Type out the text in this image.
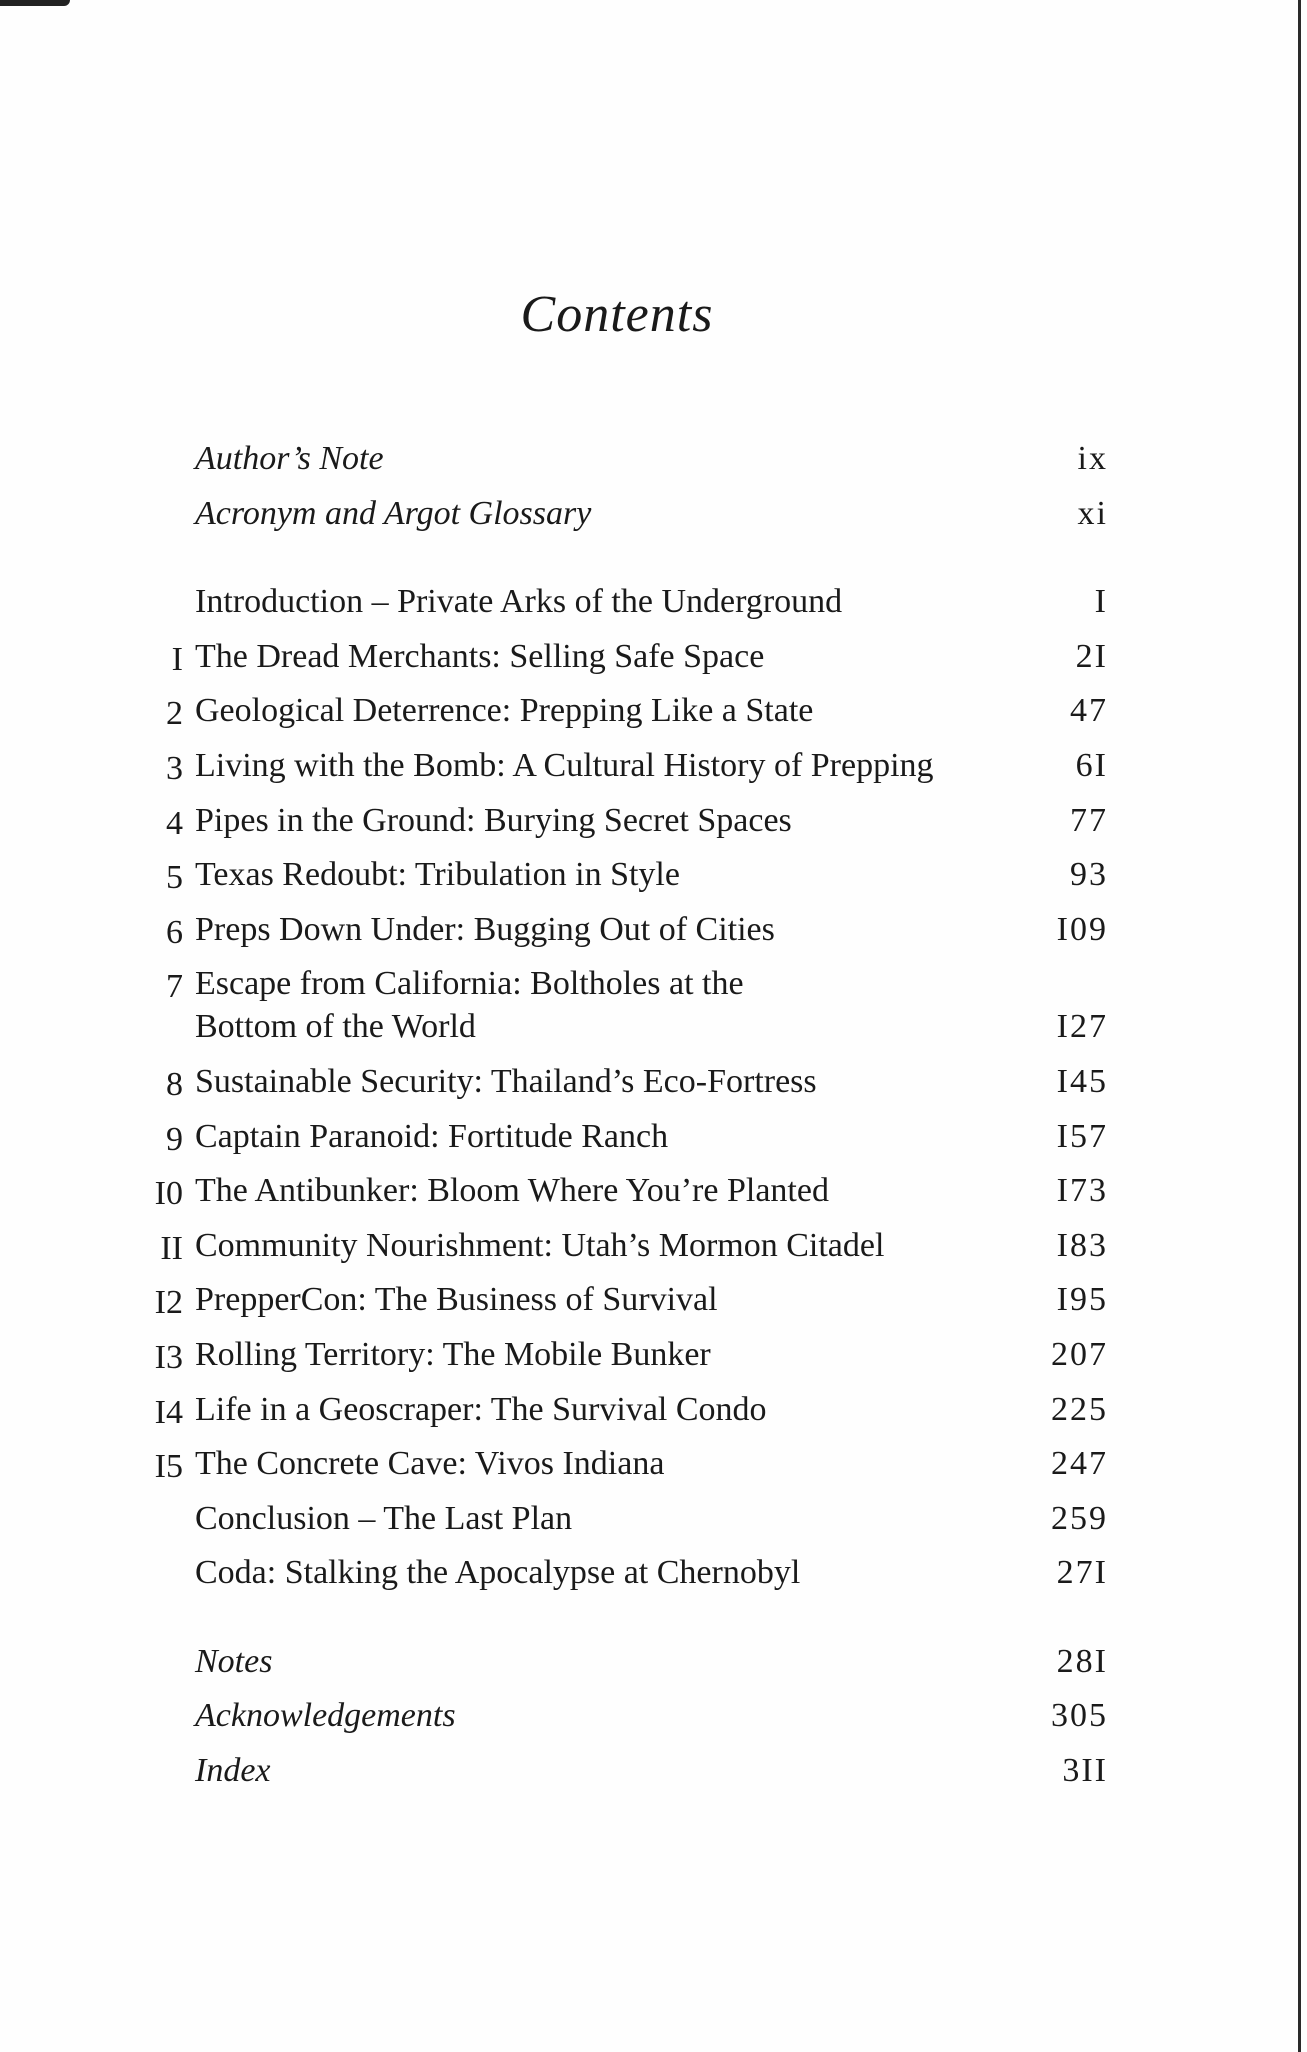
Contents
Author’s Note	ix
Acronym and Argot Glossary	xi
Introduction – Private Arks of the Underground	I
I The Dread Merchants: Selling Safe Space	2I
2 Geological Deterrence: Prepping Like a State	47
3 Living with the Bomb: A Cultural History of Prepping	6I
4 Pipes in the Ground: Burying Secret Spaces	77
5 Texas Redoubt: Tribulation in Style	93
6 Preps Down Under: Bugging Out of Cities	I09
7 Escape from California: Boltholes at the
Bottom of the World	I27
8 Sustainable Security: Thailand’s Eco-Fortress	I45
9 Captain Paranoid: Fortitude Ranch	I57
I0 The Antibunker: Bloom Where You’re Planted	I73
II Community Nourishment: Utah’s Mormon Citadel	I83
I2 PrepperCon: The Business of Survival	I95
I3 Rolling Territory: The Mobile Bunker	207
I4 Life in a Geoscraper: The Survival Condo	225
I5 The Concrete Cave: Vivos Indiana	247
Conclusion – The Last Plan	259
Coda: Stalking the Apocalypse at Chernobyl	27I
Notes	28I
Acknowledgements	305
Index	3II
